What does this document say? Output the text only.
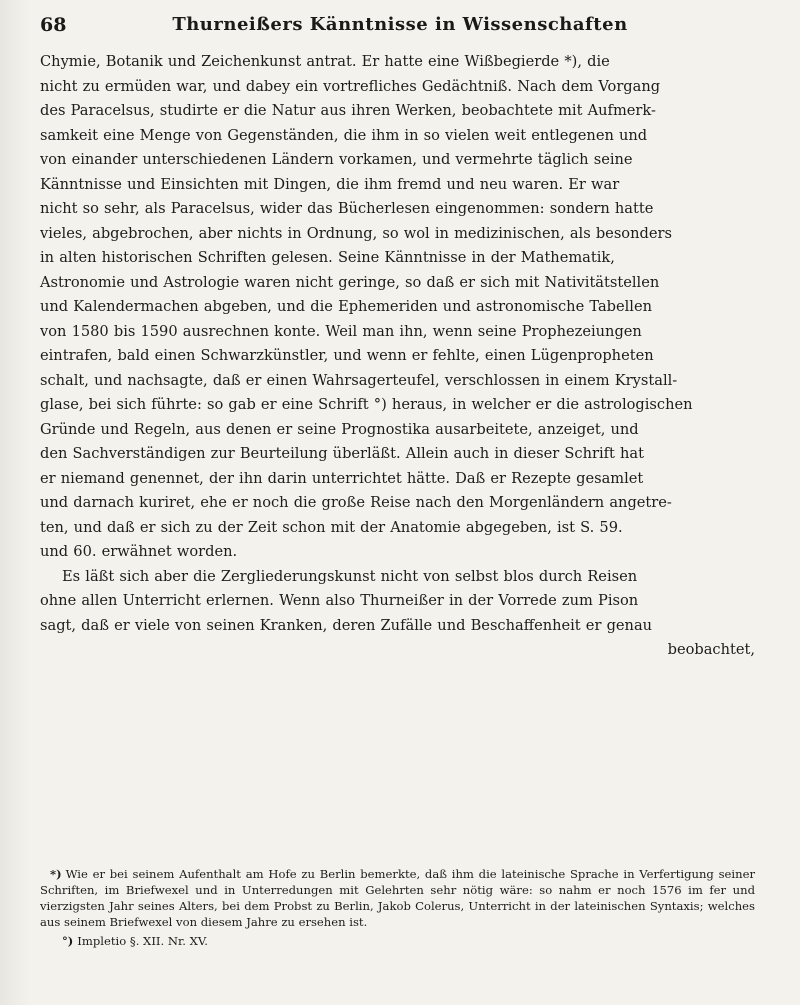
68	Thurneißers Känntnisse in Wissenschaften
Chymie, Botanik und Zeichenkunst antrat. Er hatte eine Wißbegierde *), die
nicht zu ermüden war, und dabey ein vortrefliches Gedächtniß. Nach dem Vorgang
des Paracelsus, studirte er die Natur aus ihren Werken, beobachtete mit Aufmerk-
samkeit eine Menge von Gegenständen, die ihm in so vielen weit entlegenen und
von einander unterschiedenen Ländern vorkamen, und vermehrte täglich seine
Känntnisse und Einsichten mit Dingen, die ihm fremd und neu waren. Er war
nicht so sehr, als Paracelsus, wider das Bücherlesen eingenommen: sondern hatte
vieles, abgebrochen, aber nichts in Ordnung, so wol in medizinischen, als besonders
in alten historischen Schriften gelesen. Seine Känntnisse in der Mathematik,
Astronomie und Astrologie waren nicht geringe, so daß er sich mit Nativitätstellen
und Kalendermachen abgeben, und die Ephemeriden und astronomische Tabellen
von 1580 bis 1590 ausrechnen konte. Weil man ihn, wenn seine Prophezeiungen
eintrafen, bald einen Schwarzkünstler, und wenn er fehlte, einen Lügenpropheten
schalt, und nachsagte, daß er einen Wahrsagerteufel, verschlossen in einem Krystall-
glase, bei sich führte: so gab er eine Schrift °) heraus, in welcher er die astrologischen
Gründe und Regeln, aus denen er seine Prognostika ausarbeitete, anzeiget, und
den Sachverständigen zur Beurteilung überläßt. Allein auch in dieser Schrift hat
er niemand genennet, der ihn darin unterrichtet hätte. Daß er Rezepte gesamlet
und darnach kuriret, ehe er noch die große Reise nach den Morgenländern angetre-
ten, und daß er sich zu der Zeit schon mit der Anatomie abgegeben, ist S. 59.
und 60. erwähnet worden.
Es läßt sich aber die Zergliederungskunst nicht von selbst blos durch Reisen
ohne allen Unterricht erlernen. Wenn also Thurneißer in der Vorrede zum Pison
sagt, daß er viele von seinen Kranken, deren Zufälle und Beschaffenheit er genau
beobachtet,

*) Wie er bei seinem Aufenthalt am Hofe zu Berlin bemerkte, daß ihm die lateinische Sprache in Verfertigung seiner Schriften, im Briefwexel und in Unterredungen mit Gelehrten sehr nötig wäre: so nahm er noch 1576 im fer und vierzigsten Jahr seines Alters, bei dem Probst zu Berlin, Jakob Colerus, Unterricht in der lateinischen Syntaxis; welches aus seinem Briefwexel von diesem Jahre zu ersehen ist.

°) Impletio §. XII. Nr. XV.
